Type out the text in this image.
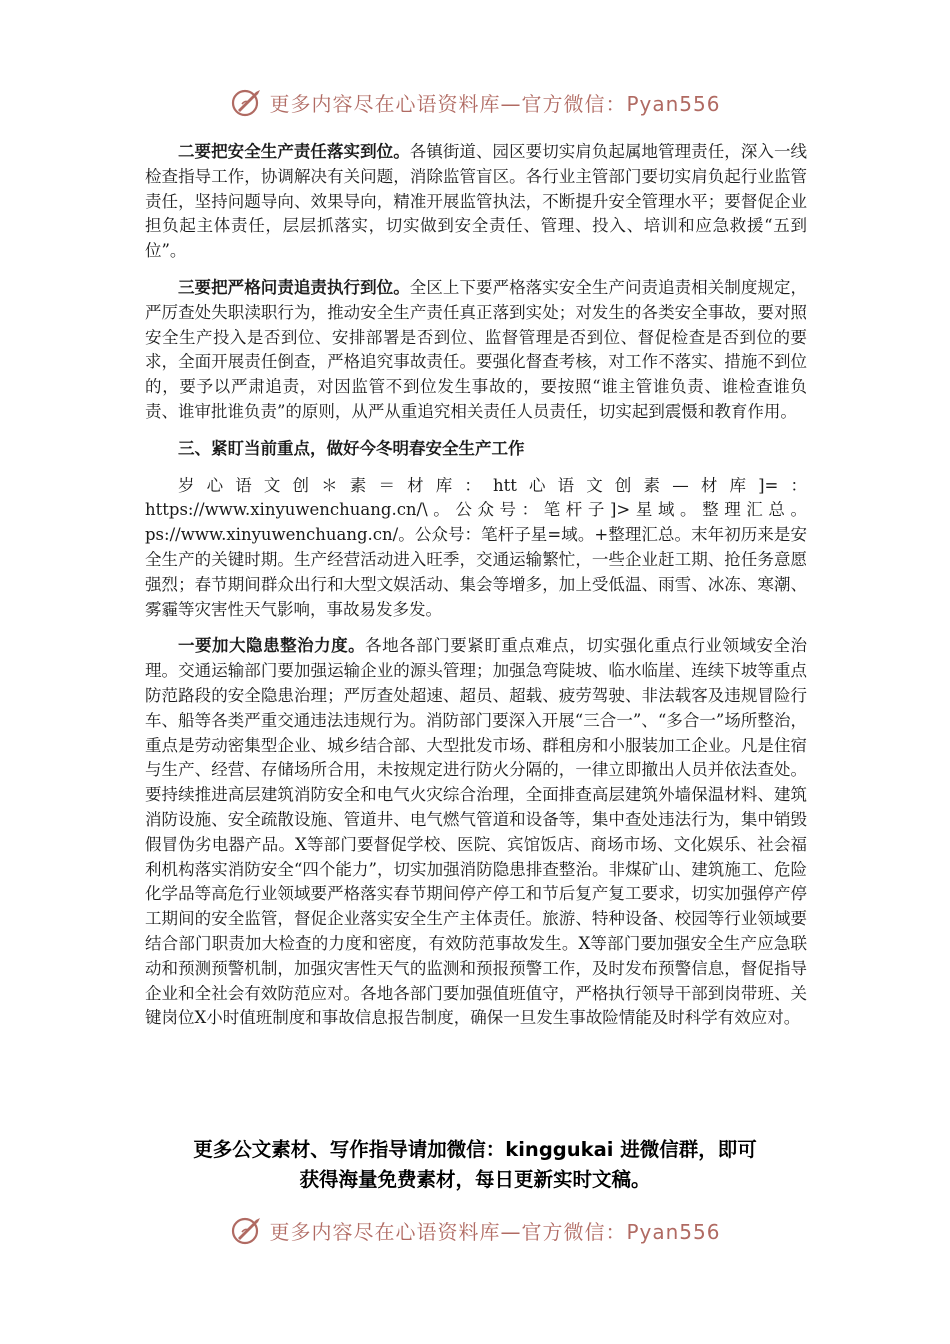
更多内容尽在心语资料库—官方微信：Pyan556

二要把安全生产责任落实到位。各镇街道、园区要切实肩负起属地管理责任，深入一线检查指导工作，协调解决有关问题，消除监管盲区。各行业主管部门要切实肩负起行业监管责任，坚持问题导向、效果导向，精准开展监管执法，不断提升安全管理水平；要督促企业担负起主体责任，层层抓落实，切实做到安全责任、管理、投入、培训和应急救援“五到位”。

三要把严格问责追责执行到位。全区上下要严格落实安全生产问责追责相关制度规定，严厉查处失职渎职行为，推动安全生产责任真正落到实处；对发生的各类安全事故，要对照安全生产投入是否到位、安排部署是否到位、监督管理是否到位、督促检查是否到位的要求，全面开展责任倒查，严格追究事故责任。要强化督查考核，对工作不落实、措施不到位的，要予以严肃追责，对因监管不到位发生事故的，要按照“谁主管谁负责、谁检查谁负责、谁审批谁负责”的原则，从严从重追究相关责任人员责任，切实起到震慑和教育作用。

三、紧盯当前重点，做好今冬明春安全生产工作

岁心语文创＊素＝材库：htt心语文创素—材库]=：https://www.xinyuwenchuang.cn/\。公众号：笔杆子]>星域。整理汇总。ps://www.xinyuwenchuang.cn/。公众号：笔杆子星=域。+整理汇总。末年初历来是安全生产的关键时期。生产经营活动进入旺季，交通运输繁忙，一些企业赶工期、抢任务意愿强烈；春节期间群众出行和大型文娱活动、集会等增多，加上受低温、雨雪、冰冻、寒潮、雾霾等灾害性天气影响，事故易发多发。

一要加大隐患整治力度。各地各部门要紧盯重点难点，切实强化重点行业领域安全治理。交通运输部门要加强运输企业的源头管理；加强急弯陡坡、临水临崖、连续下坡等重点防范路段的安全隐患治理；严厉查处超速、超员、超载、疲劳驾驶、非法载客及违规冒险行车、船等各类严重交通违法违规行为。消防部门要深入开展“三合一”、“多合一”场所整治，重点是劳动密集型企业、城乡结合部、大型批发市场、群租房和小服装加工企业。凡是住宿与生产、经营、存储场所合用，未按规定进行防火分隔的，一律立即撤出人员并依法查处。要持续推进高层建筑消防安全和电气火灾综合治理，全面排查高层建筑外墙保温材料、建筑消防设施、安全疏散设施、管道井、电气燃气管道和设备等，集中查处违法行为，集中销毁假冒伪劣电器产品。X等部门要督促学校、医院、宾馆饭店、商场市场、文化娱乐、社会福利机构落实消防安全“四个能力”，切实加强消防隐患排查整治。非煤矿山、建筑施工、危险化学品等高危行业领域要严格落实春节期间停产停工和节后复产复工要求，切实加强停产停工期间的安全监管，督促企业落实安全生产主体责任。旅游、特种设备、校园等行业领域要结合部门职责加大检查的力度和密度，有效防范事故发生。X等部门要加强安全生产应急联动和预测预警机制，加强灾害性天气的监测和预报预警工作，及时发布预警信息，督促指导企业和全社会有效防范应对。各地各部门要加强值班值守，严格执行领导干部到岗带班、关键岗位X小时值班制度和事故信息报告制度，确保一旦发生事故险情能及时科学有效应对。

更多公文素材、写作指导请加微信：kinggukai 进微信群，即可
获得海量免费素材，每日更新实时文稿。
更多内容尽在心语资料库—官方微信：Pyan556
